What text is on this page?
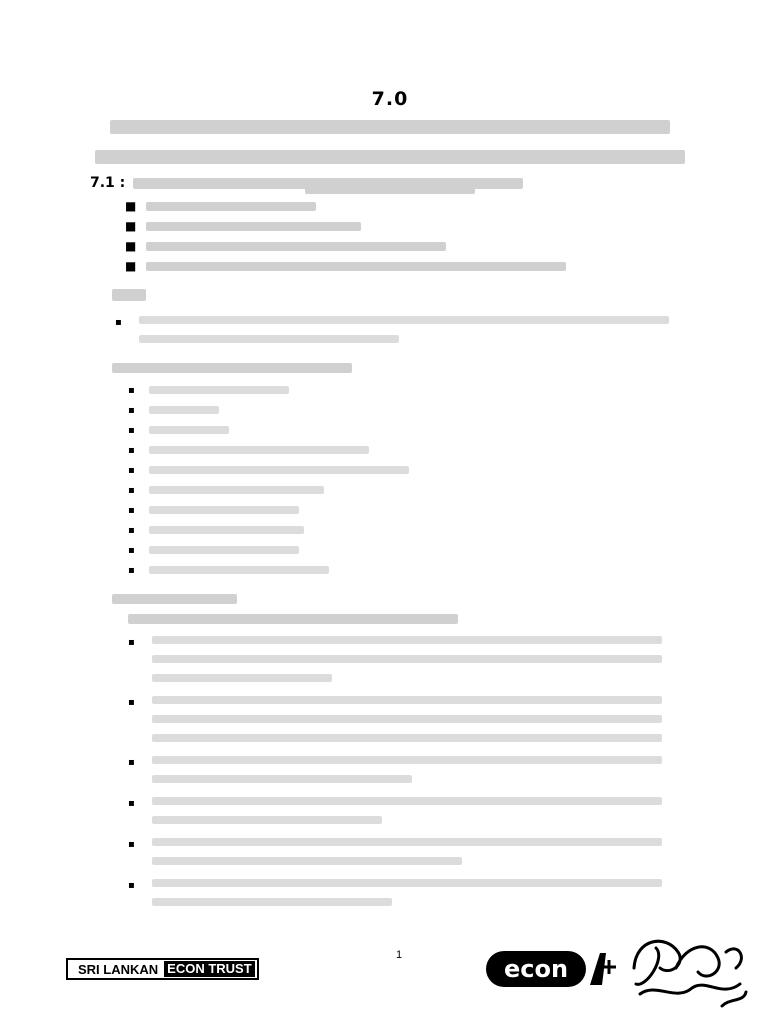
7.0
7.1 :
■
■
■
■
▪
▪
▪
▪
▪
▪
▪
▪
▪
▪
▪
▪
▪
▪
▪
▪
▪
1
SRI LANKAN ECON TRUST	econ
